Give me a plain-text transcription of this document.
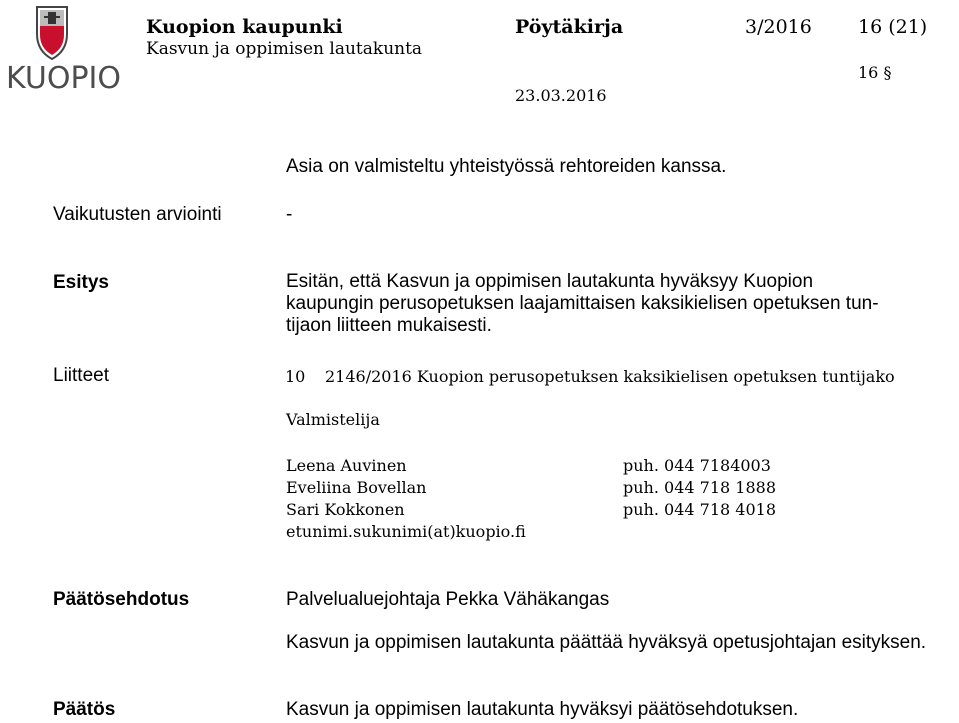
KUOPIO
Kuopion kaupunki
Kasvun ja oppimisen lautakunta
Pöytäkirja	3/2016 16 (21)
16 §
23.03.2016
Asia on valmisteltu yhteistyössä rehtoreiden kanssa.
Vaikutusten arviointi	-
Esitys	Esitän, että Kasvun ja oppimisen lautakunta hyväksyy Kuopion
kaupungin perusopetuksen laajamittaisen kaksikielisen opetuksen tun-
tijaon liitteen mukaisesti.
Liitteet	10 2146/2016 Kuopion perusopetuksen kaksikielisen opetuksen tuntijako
Valmistelija
Leena Auvinen	puh. 044 7184003
Eveliina Bovellan	puh. 044 718 1888
Sari Kokkonen	puh. 044 718 4018
etunimi.sukunimi(at)kuopio.fi
Päätösehdotus	Palvelualuejohtaja Pekka Vähäkangas
Kasvun ja oppimisen lautakunta päättää hyväksyä opetusjohtajan esityksen.
Päätös	Kasvun ja oppimisen lautakunta hyväksyi päätösehdotuksen.
